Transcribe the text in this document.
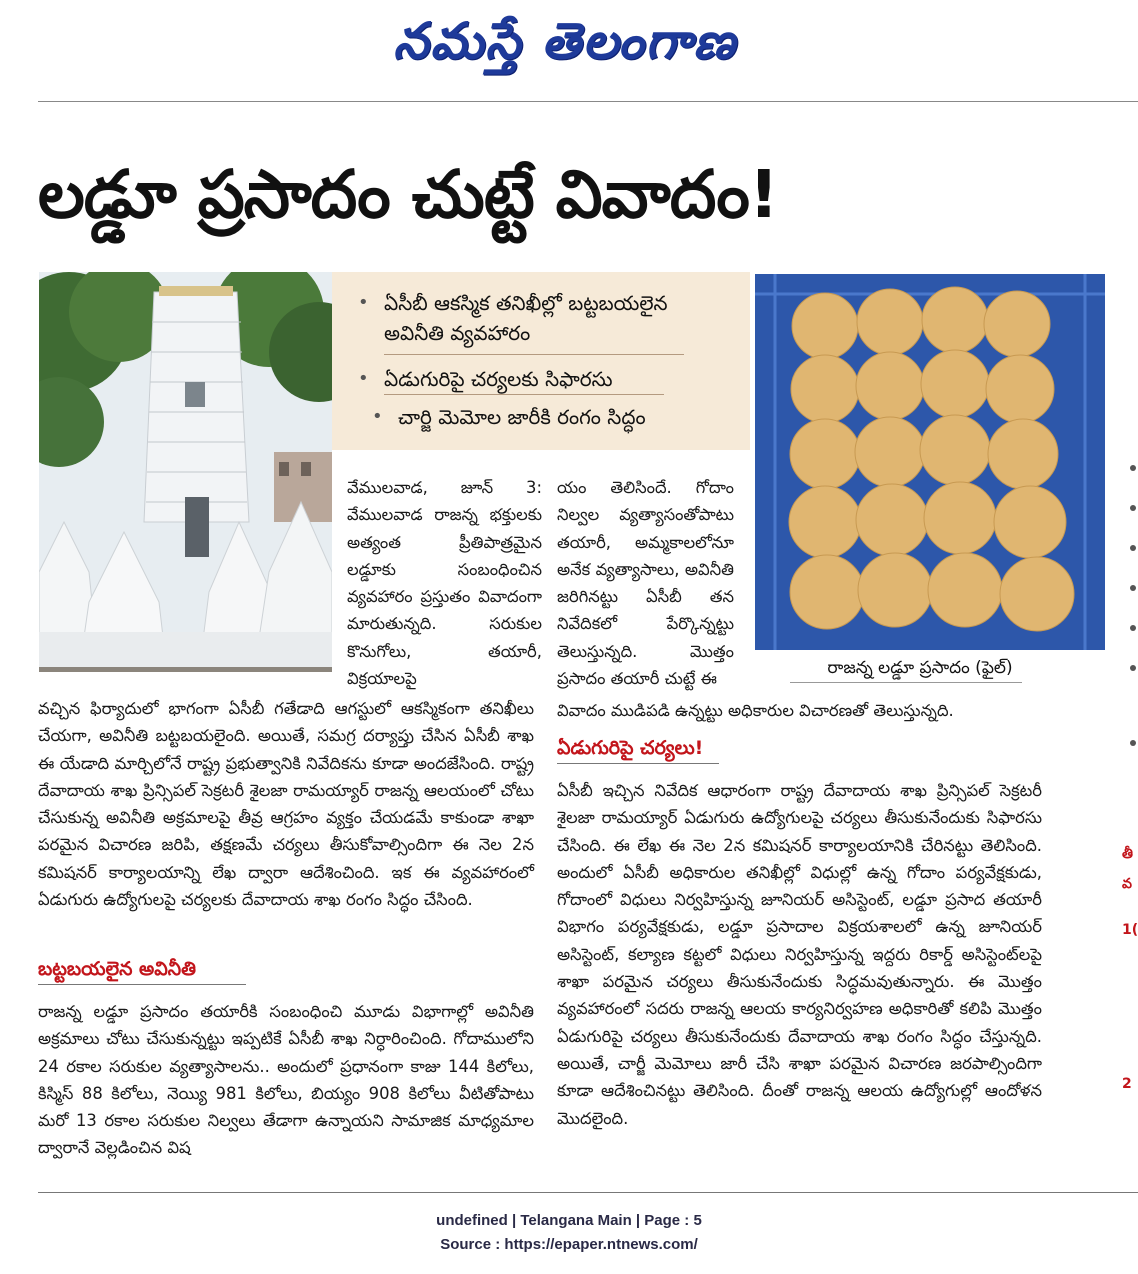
నమస్తే తెలంగాణ
లడ్డూ ప్రసాదం చుట్టే వివాదం!
• ఏసీబీ ఆకస్మిక తనిఖీల్లో బట్టబయలైన అవినీతి వ్యవహారం
• ఏడుగురిపై చర్యలకు సిఫారసు
• చార్జి మెమోల జారీకి రంగం సిద్ధం
రాజన్న లడ్డూ ప్రసాదం (ఫైల్)

వేములవాడ, జూన్ 3: వేములవాడ రాజన్న భక్తులకు అత్యంత ప్రీతిపాత్రమైన లడ్డూకు సంబంధించిన వ్యవహారం ప్రస్తుతం వివాదంగా మారుతున్నది. సరుకుల కొనుగోలు, తయారీ, విక్రయాలపై

యం తెలిసిందే. గోదాం నిల్వల వ్యత్యాసంతోపాటు తయారీ, అమ్మకాలలోనూ అనేక వ్యత్యాసాలు, అవినీతి జరిగినట్టు ఏసీబీ తన నివేదికలో పేర్కొన్నట్టు తెలుస్తున్నది. మొత్తం ప్రసాదం తయారీ చుట్టే ఈ

వివాదం ముడిపడి ఉన్నట్టు అధికారుల విచారణతో తెలుస్తున్నది.

వచ్చిన ఫిర్యాదులో భాగంగా ఏసీబీ గతేడాది ఆగస్టులో ఆకస్మికంగా తనిఖీలు చేయగా, అవినీతి బట్టబయలైంది. అయితే, సమగ్ర దర్యాప్తు చేసిన ఏసీబీ శాఖ ఈ యేడాది మార్చిలోనే రాష్ట్ర ప్రభుత్వానికి నివేదికను కూడా అందజేసింది. రాష్ట్ర దేవాదాయ శాఖ ప్రిన్సిపల్ సెక్రటరీ శైలజా రామయ్యార్ రాజన్న ఆలయంలో చోటు చేసుకున్న అవినీతి అక్రమాలపై తీవ్ర ఆగ్రహం వ్యక్తం చేయడమే కాకుండా శాఖా పరమైన విచారణ జరిపి, తక్షణమే చర్యలు తీసుకోవాల్సిందిగా ఈ నెల 2న కమిషనర్ కార్యాలయాన్ని లేఖ ద్వారా ఆదేశించింది. ఇక ఈ వ్యవహారంలో ఏడుగురు ఉద్యోగులపై చర్యలకు దేవాదాయ శాఖ రంగం సిద్ధం చేసింది.

బట్టబయలైన అవినీతి

రాజన్న లడ్డూ ప్రసాదం తయారీకి సంబంధించి మూడు విభాగాల్లో అవినీతి అక్రమాలు చోటు చేసుకున్నట్టు ఇప్పటికే ఏసీబీ శాఖ నిర్ధారించింది. గోదాములోని 24 రకాల సరుకుల వ్యత్యాసాలను.. అందులో ప్రధానంగా కాజు 144 కిలోలు, కిస్మిస్ 88 కిలోలు, నెయ్యి 981 కిలోలు, బియ్యం 908 కిలోలు వీటితోపాటు మరో 13 రకాల సరుకుల నిల్వలు తేడాగా ఉన్నాయని సామాజిక మాధ్యమాల ద్వారానే వెల్లడించిన విష

ఏడుగురిపై చర్యలు!

ఏసీబీ ఇచ్చిన నివేదిక ఆధారంగా రాష్ట్ర దేవాదాయ శాఖ ప్రిన్సిపల్ సెక్రటరీ శైలజా రామయ్యార్ ఏడుగురు ఉద్యోగులపై చర్యలు తీసుకునేందుకు సిఫారసు చేసింది. ఈ లేఖ ఈ నెల 2న కమిషనర్ కార్యాలయానికి చేరినట్టు తెలిసింది. అందులో ఏసీబీ అధికారుల తనిఖీల్లో విధుల్లో ఉన్న గోదాం పర్యవేక్షకుడు, గోదాంలో విధులు నిర్వహిస్తున్న జూనియర్ అసిస్టెంట్, లడ్డూ ప్రసాద తయారీ విభాగం పర్యవేక్షకుడు, లడ్డూ ప్రసాదాల విక్రయశాలలో ఉన్న జూనియర్ అసిస్టెంట్, కల్యాణ కట్టలో విధులు నిర్వహిస్తున్న ఇద్దరు రికార్డ్ అసిస్టెంట్‌లపై శాఖా పరమైన చర్యలు తీసుకునేందుకు సిద్ధమవుతున్నారు. ఈ మొత్తం వ్యవహారంలో సదరు రాజన్న ఆలయ కార్యనిర్వహణ అధికారితో కలిపి మొత్తం ఏడుగురిపై చర్యలు తీసుకునేందుకు దేవాదాయ శాఖ రంగం సిద్ధం చేస్తున్నది. అయితే, చార్జీ మెమోలు జారీ చేసి శాఖా పరమైన విచారణ జరపాల్సిందిగా కూడా ఆదేశించినట్టు తెలిసింది. దీంతో రాజన్న ఆలయ ఉద్యోగుల్లో ఆందోళన మొదలైంది.

తీ
వ
1(
2
undefined | Telangana Main | Page : 5
Source : https://epaper.ntnews.com/
